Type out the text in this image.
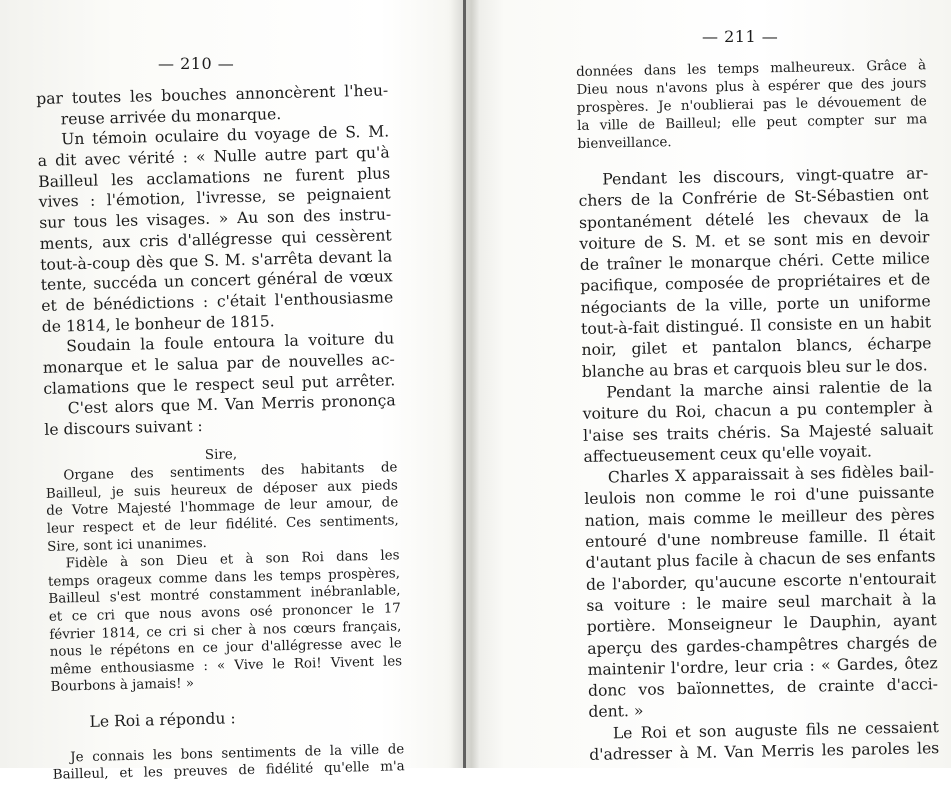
— 210 —
par toutes les bouches annoncèrent l'heu-
reuse arrivée du monarque.
Un témoin oculaire du voyage de S. M.
a dit avec vérité : « Nulle autre part qu'à
Bailleul les acclamations ne furent plus
vives : l'émotion, l'ivresse, se peignaient
sur tous les visages. » Au son des instru-
ments, aux cris d'allégresse qui cessèrent
tout-à-coup dès que S. M. s'arrêta devant la
tente, succéda un concert général de vœux
et de bénédictions : c'était l'enthousiasme
de 1814, le bonheur de 1815.
Soudain la foule entoura la voiture du
monarque et le salua par de nouvelles ac-
clamations que le respect seul put arrêter.
C'est alors que M. Van Merris prononça
le discours suivant :
Sire,
Organe des sentiments des habitants de
Bailleul, je suis heureux de déposer aux pieds
de Votre Majesté l'hommage de leur amour, de
leur respect et de leur fidélité. Ces sentiments,
Sire, sont ici unanimes.
Fidèle à son Dieu et à son Roi dans les
temps orageux comme dans les temps prospères,
Bailleul s'est montré constamment inébranlable,
et ce cri que nous avons osé prononcer le 17
février 1814, ce cri si cher à nos cœurs français,
nous le répétons en ce jour d'allégresse avec le
même enthousiasme : « Vive le Roi! Vivent les
Bourbons à jamais! »
Le Roi a répondu :
Je connais les bons sentiments de la ville de
Bailleul, et les preuves de fidélité qu'elle m'a
— 211 —
données dans les temps malheureux. Grâce à
Dieu nous n'avons plus à espérer que des jours
prospères. Je n'oublierai pas le dévouement de
la ville de Bailleul; elle peut compter sur ma
bienveillance.
Pendant les discours, vingt-quatre ar-
chers de la Confrérie de St-Sébastien ont
spontanément dételé les chevaux de la
voiture de S. M. et se sont mis en devoir
de traîner le monarque chéri. Cette milice
pacifique, composée de propriétaires et de
négociants de la ville, porte un uniforme
tout-à-fait distingué. Il consiste en un habit
noir, gilet et pantalon blancs, écharpe
blanche au bras et carquois bleu sur le dos.
Pendant la marche ainsi ralentie de la
voiture du Roi, chacun a pu contempler à
l'aise ses traits chéris. Sa Majesté saluait
affectueusement ceux qu'elle voyait.
Charles X apparaissait à ses fidèles bail-
leulois non comme le roi d'une puissante
nation, mais comme le meilleur des pères
entouré d'une nombreuse famille. Il était
d'autant plus facile à chacun de ses enfants
de l'aborder, qu'aucune escorte n'entourait
sa voiture : le maire seul marchait à la
portière. Monseigneur le Dauphin, ayant
aperçu des gardes-champêtres chargés de
maintenir l'ordre, leur cria : « Gardes, ôtez
donc vos baïonnettes, de crainte d'acci-
dent. »
Le Roi et son auguste fils ne cessaient
d'adresser à M. Van Merris les paroles les
